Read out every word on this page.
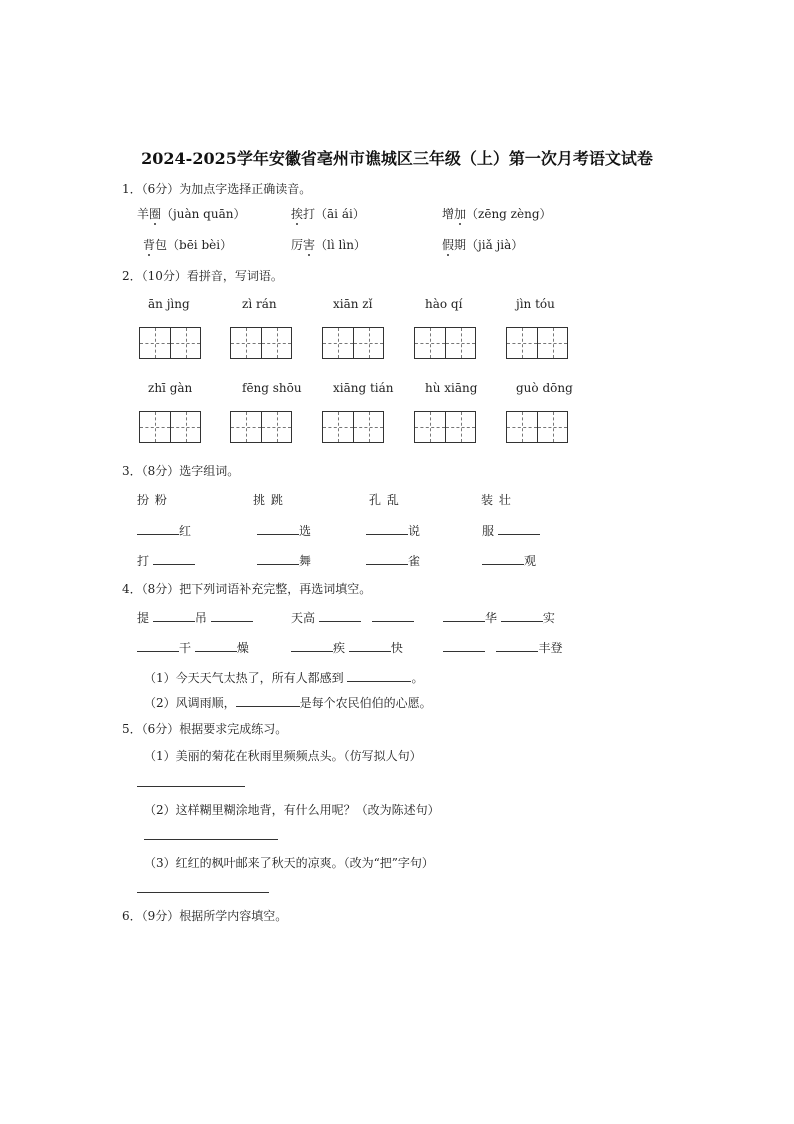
2024-2025学年安徽省亳州市谯城区三年级（上）第一次月考语文试卷
1．（6分）为加点字选择正确读音。
羊圈（juàn quān）	挨打（āi ái）	增加（zēng zèng）
背包（bēi bèi）	厉害（lì lìn）	假期（jiǎ jià）
2．（10分）看拼音，写词语。
ān jìng	zì rán	xiān zǐ	hào qí	jìn tóu
zhī gàn	fēng shōu	xiāng tián	hù xiāng	guò dōng
3．（8分）选字组词。
扮 粉	挑 跳	孔 乱	装 壮
红	选	说	服
打	舞	雀	观
4．（8分）把下列词语补充完整，再选词填空。
提	吊	天高	华	实
干	燥	疾	快	丰登
（1）今天天气太热了，所有人都感到	。
（2）风调雨顺，	是每个农民伯伯的心愿。
5．（6分）根据要求完成练习。
（1）美丽的菊花在秋雨里频频点头。（仿写拟人句）
（2）这样糊里糊涂地背，有什么用呢？（改为陈述句）
（3）红红的枫叶邮来了秋天的凉爽。（改为“把”字句）
6．（9分）根据所学内容填空。
